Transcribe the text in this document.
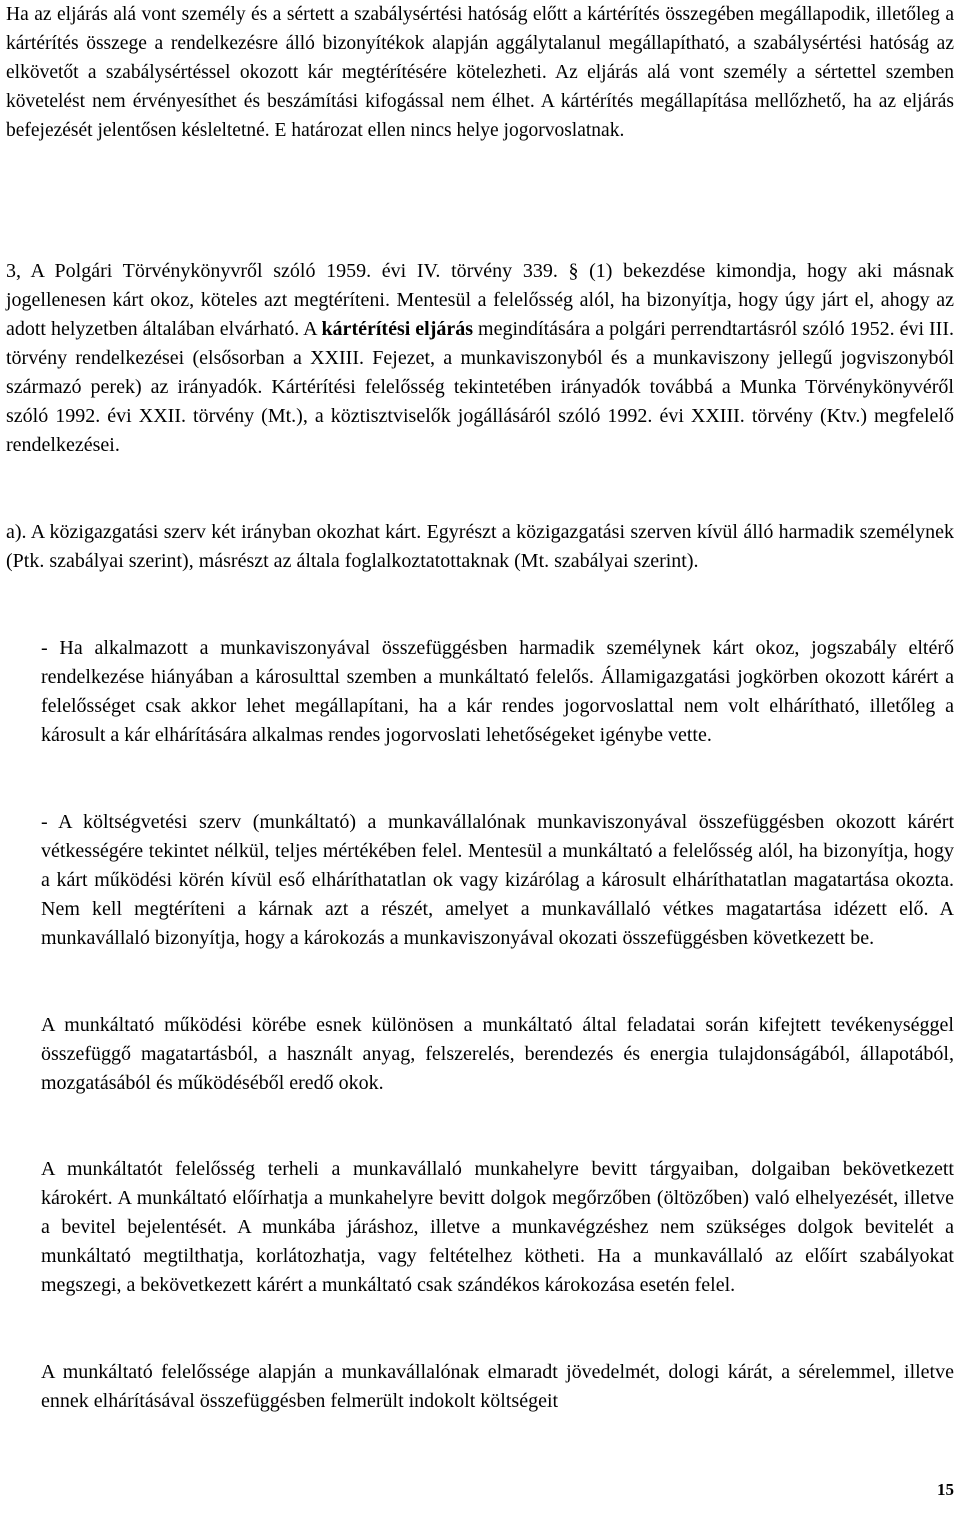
Ha az eljárás alá vont személy és a sértett a szabálysértési hatóság előtt a kártérítés összegében megállapodik, illetőleg a kártérítés összege a rendelkezésre álló bizonyítékok alapján aggálytalanul megállapítható, a szabálysértési hatóság az elkövetőt a szabálysértéssel okozott kár megtérítésére kötelezheti. Az eljárás alá vont személy a sértettel szemben követelést nem érvényesíthet és beszámítási kifogással nem élhet. A kártérítés megállapítása mellőzhető, ha az eljárás befejezését jelentősen késleltetné. E határozat ellen nincs helye jogorvoslatnak.

3, A Polgári Törvénykönyvről szóló 1959. évi IV. törvény 339. § (1) bekezdése kimondja, hogy aki másnak jogellenesen kárt okoz, köteles azt megtéríteni. Mentesül a felelősség alól, ha bizonyítja, hogy úgy járt el, ahogy az adott helyzetben általában elvárható. A kártérítési eljárás megindítására a polgári perrendtartásról szóló 1952. évi III. törvény rendelkezései (elsősorban a XXIII. Fejezet, a munkaviszonyból és a munkaviszony jellegű jogviszonyból származó perek) az irányadók. Kártérítési felelősség tekintetében irányadók továbbá a Munka Törvénykönyvéről szóló 1992. évi XXII. törvény (Mt.), a köztisztviselők jogállásáról szóló 1992. évi XXIII. törvény (Ktv.) megfelelő rendelkezései.

a). A közigazgatási szerv két irányban okozhat kárt. Egyrészt a közigazgatási szerven kívül álló harmadik személynek (Ptk. szabályai szerint), másrészt az általa foglalkoztatottaknak (Mt. szabályai szerint).

- Ha alkalmazott a munkaviszonyával összefüggésben harmadik személynek kárt okoz, jogszabály eltérő rendelkezése hiányában a károsulttal szemben a munkáltató felelős. Államigazgatási jogkörben okozott kárért a felelősséget csak akkor lehet megállapítani, ha a kár rendes jogorvoslattal nem volt elhárítható, illetőleg a károsult a kár elhárítására alkalmas rendes jogorvoslati lehetőségeket igénybe vette.

- A költségvetési szerv (munkáltató) a munkavállalónak munkaviszonyával összefüggésben okozott kárért vétkességére tekintet nélkül, teljes mértékében felel. Mentesül a munkáltató a felelősség alól, ha bizonyítja, hogy a kárt működési körén kívül eső elháríthatatlan ok vagy kizárólag a károsult elháríthatatlan magatartása okozta. Nem kell megtéríteni a kárnak azt a részét, amelyet a munkavállaló vétkes magatartása idézett elő. A munkavállaló bizonyítja, hogy a károkozás a munkaviszonyával okozati összefüggésben következett be.

A munkáltató működési körébe esnek különösen a munkáltató által feladatai során kifejtett tevékenységgel összefüggő magatartásból, a használt anyag, felszerelés, berendezés és energia tulajdonságából, állapotából, mozgatásából és működéséből eredő okok.

A munkáltatót felelősség terheli a munkavállaló munkahelyre bevitt tárgyaiban, dolgaiban bekövetkezett károkért. A munkáltató előírhatja a munkahelyre bevitt dolgok megőrzőben (öltözőben) való elhelyezését, illetve a bevitel bejelentését. A munkába járáshoz, illetve a munkavégzéshez nem szükséges dolgok bevitelét a munkáltató megtilthatja, korlátozhatja, vagy feltételhez kötheti. Ha a munkavállaló az előírt szabályokat megszegi, a bekövetkezett kárért a munkáltató csak szándékos károkozása esetén felel.

A munkáltató felelőssége alapján a munkavállalónak elmaradt jövedelmét, dologi kárát, a sérelemmel, illetve ennek elhárításával összefüggésben felmerült indokolt költségeit

15
